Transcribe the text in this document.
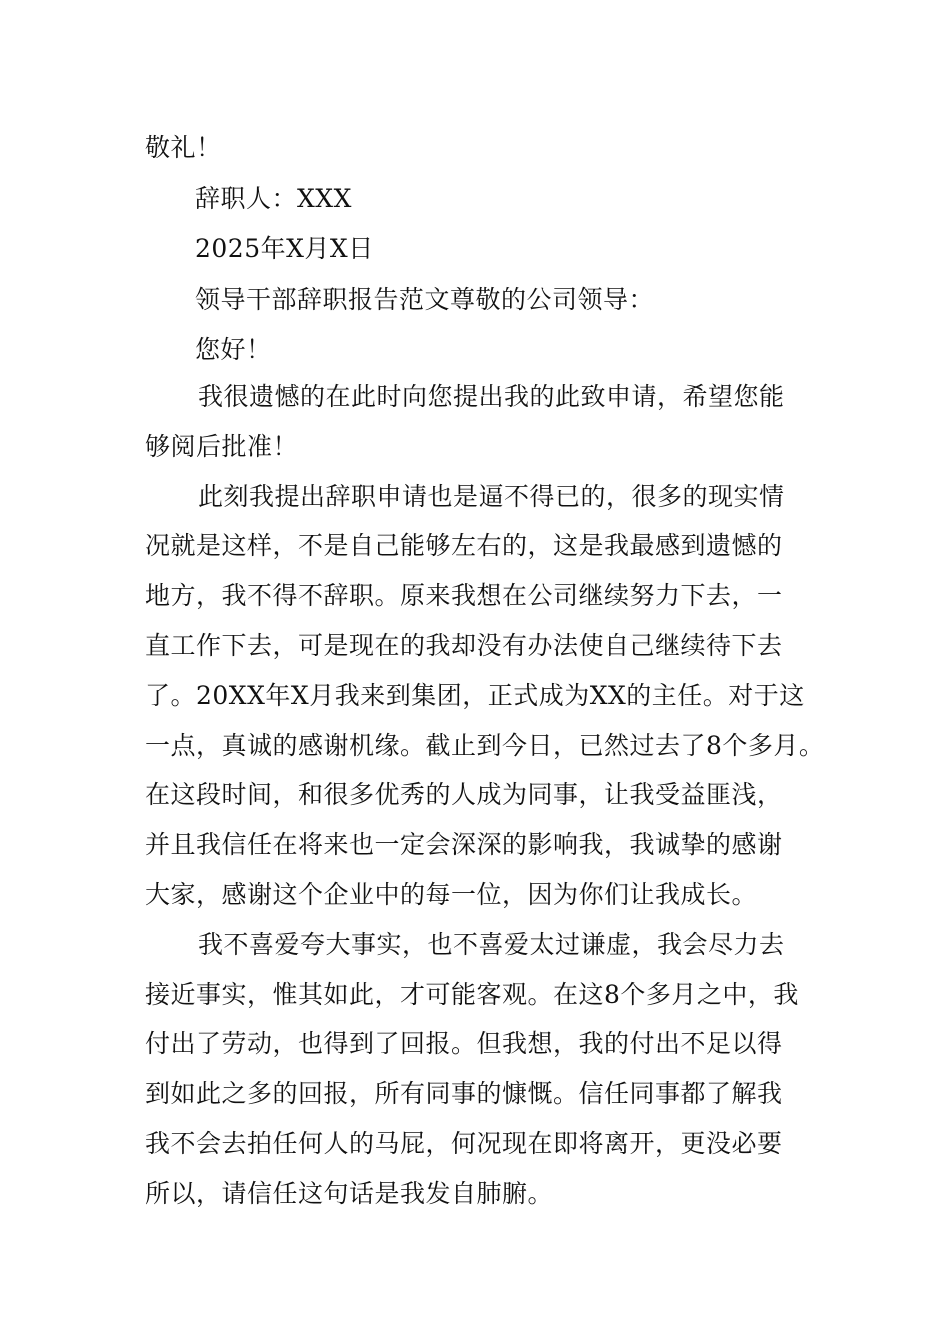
敬礼！
辞职人：XXX
2025年X月X日
领导干部辞职报告范文尊敬的公司领导：
您好！
我很遗憾的在此时向您提出我的此致申请，希望您能
够阅后批准！
此刻我提出辞职申请也是逼不得已的，很多的现实情
况就是这样，不是自己能够左右的，这是我最感到遗憾的
地方，我不得不辞职。原来我想在公司继续努力下去，一
直工作下去，可是现在的我却没有办法使自己继续待下去
了。20XX年X月我来到集团，正式成为XX的主任。对于这
一点，真诚的感谢机缘。截止到今日，已然过去了8个多月。
在这段时间，和很多优秀的人成为同事，让我受益匪浅，
并且我信任在将来也一定会深深的影响我，我诚挚的感谢
大家，感谢这个企业中的每一位，因为你们让我成长。
我不喜爱夸大事实，也不喜爱太过谦虚，我会尽力去
接近事实，惟其如此，才可能客观。在这8个多月之中，我
付出了劳动，也得到了回报。但我想，我的付出不足以得
到如此之多的回报，所有同事的慷慨。信任同事都了解我
我不会去拍任何人的马屁，何况现在即将离开，更没必要
所以，请信任这句话是我发自肺腑。
